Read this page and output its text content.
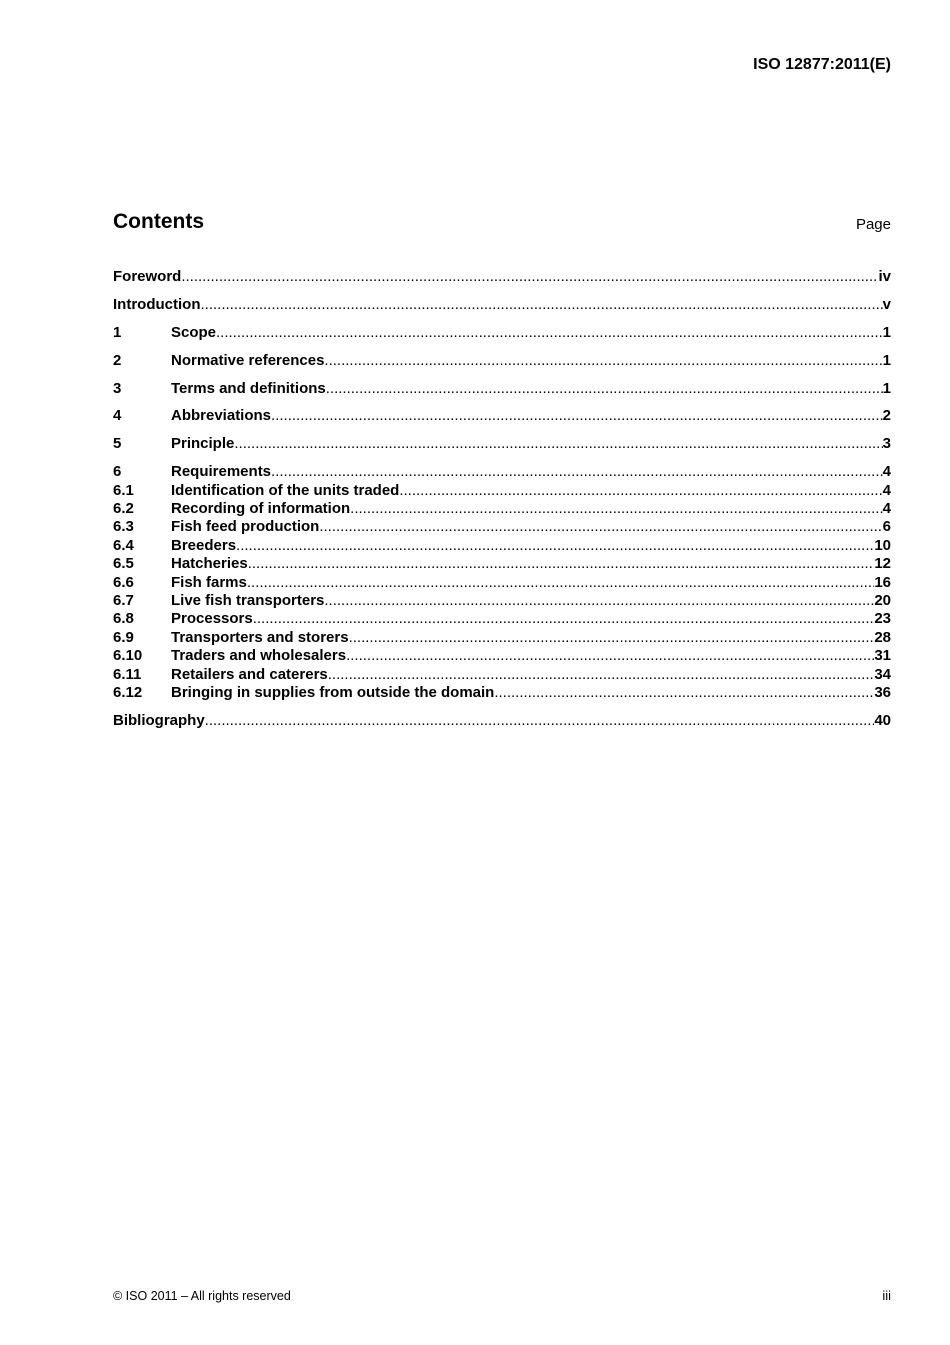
ISO 12877:2011(E)
Contents	Page
Foreword .....	iv
Introduction .....	v
1	Scope .....	1
2	Normative references .....	1
3	Terms and definitions .....	1
4	Abbreviations .....	2
5	Principle .....	3
6	Requirements .....	4
6.1	Identification of the units traded .....	4
6.2	Recording of information .....	4
6.3	Fish feed production .....	6
6.4	Breeders .....	10
6.5	Hatcheries .....	12
6.6	Fish farms .....	16
6.7	Live fish transporters .....	20
6.8	Processors .....	23
6.9	Transporters and storers .....	28
6.10	Traders and wholesalers .....	31
6.11	Retailers and caterers .....	34
6.12	Bringing in supplies from outside the domain .....	36
Bibliography .....	40
© ISO 2011 – All rights reserved	iii
